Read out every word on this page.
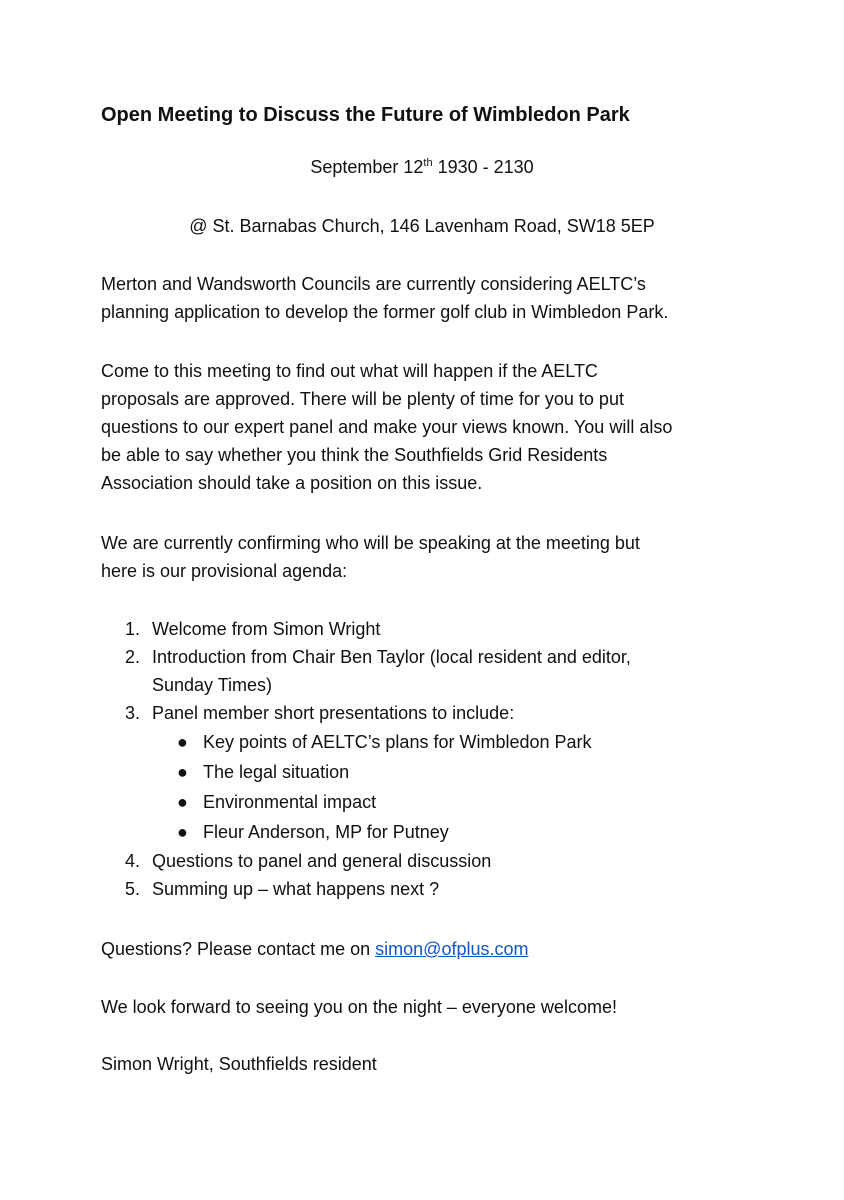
Open Meeting to Discuss the Future of Wimbledon Park

September 12th 1930 - 2130

@ St. Barnabas Church, 146 Lavenham Road, SW18 5EP

Merton and Wandsworth Councils are currently considering AELTC’s
planning application to develop the former golf club in Wimbledon Park.

Come to this meeting to find out what will happen if the AELTC
proposals are approved. There will be plenty of time for you to put
questions to our expert panel and make your views known. You will also
be able to say whether you think the Southfields Grid Residents
Association should take a position on this issue.

We are currently confirming who will be speaking at the meeting but
here is our provisional agenda:

1. Welcome from Simon Wright
2. Introduction from Chair Ben Taylor (local resident and editor,
Sunday Times)
3. Panel member short presentations to include:
● Key points of AELTC’s plans for Wimbledon Park
● The legal situation
● Environmental impact
● Fleur Anderson, MP for Putney
4. Questions to panel and general discussion
5. Summing up – what happens next ?

Questions? Please contact me on simon@ofplus.com

We look forward to seeing you on the night – everyone welcome!

Simon Wright, Southfields resident
